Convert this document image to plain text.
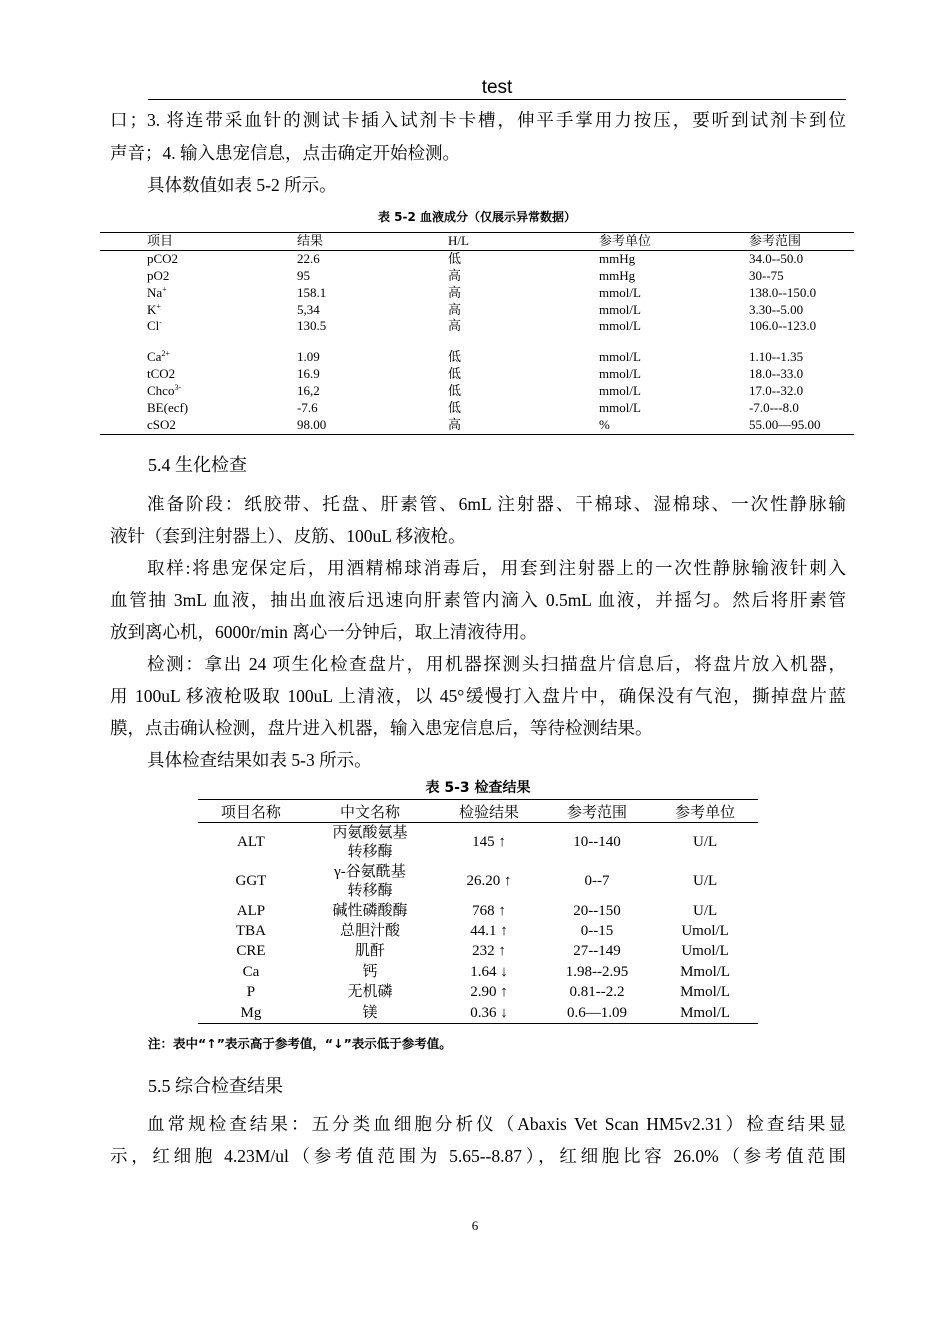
test

口；3. 将连带采血针的测试卡插入试剂卡卡槽，伸平手掌用力按压，要听到试剂卡到位

声音；4. 输入患宠信息，点击确定开始检测。

具体数值如表 5-2 所示。

表 5-2 血液成分（仅展示异常数据）

项目	结果	H/L	参考单位	参考范围
pCO2	22.6	低	mmHg	34.0--50.0
pO2	95	高	mmHg	30--75
Na+	158.1	高	mmol/L	138.0--150.0
K+	5,34	高	mmol/L	3.30--5.00
Cl-	130.5	高	mmol/L	106.0--123.0
$Ca^{2+}$	1.09	低	mmol/L	1.10--1.35
tCO2	16.9	低	mmol/L	18.0--33.0
Chco$^{3-}$	16,2	低	mmol/L	17.0--32.0
BE(ecf)	-7.6	低	mmol/L	-7.0---8.0
cSO2	98.00	高	%	55.00—95.00

5.4 生化检查

准备阶段：纸胶带、托盘、肝素管、6mL 注射器、干棉球、湿棉球、一次性静脉输

液针（套到注射器上）、皮筋、100uL 移液枪。

取样:将患宠保定后，用酒精棉球消毒后，用套到注射器上的一次性静脉输液针刺入

血管抽 3mL 血液，抽出血液后迅速向肝素管内滴入 0.5mL 血液，并摇匀。然后将肝素管

放到离心机，6000r/min 离心一分钟后，取上清液待用。

检测：拿出 24 项生化检查盘片，用机器探测头扫描盘片信息后，将盘片放入机器，

用 100uL 移液枪吸取 100uL 上清液，以 45°缓慢打入盘片中，确保没有气泡，撕掉盘片蓝

膜，点击确认检测，盘片进入机器，输入患宠信息后，等待检测结果。

具体检查结果如表 5-3 所示。

表 5-3 检查结果

项目名称	中文名称	检验结果	参考范围	参考单位
ALT	丙氨酸氨基
转移酶	145 ↑	10--140	U/L
GGT	γ-谷氨酰基
转移酶	26.20 ↑	0--7	U/L
ALP	碱性磷酸酶	768 ↑	20--150	U/L
TBA	总胆汁酸	44.1 ↑	0--15	Umol/L
CRE	肌酐	232 ↑	27--149	Umol/L
Ca	钙	1.64 ↓	1.98--2.95	Mmol/L
P	无机磷	2.90 ↑	0.81--2.2	Mmol/L
Mg	镁	0.36 ↓	0.6—1.09	Mmol/L

注：表中“↑”表示高于参考值，“↓”表示低于参考值。

5.5 综合检查结果

血常规检查结果：五分类血细胞分析仪（Abaxis Vet Scan HM5v2.31）检查结果显

示，红细胞 4.23M/ul（参考值范围为 5.65--8.87），红细胞比容 26.0%（参考值范围

6
